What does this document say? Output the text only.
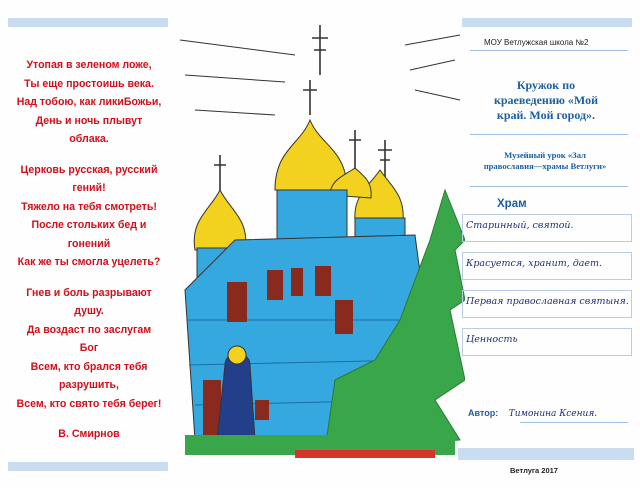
Утопая в зеленом ложе,
Ты еще простоишь века.
Над тобою, как ликиБожьи,
День и ночь плывут
облака.
Церковь русская, русский
гений!
Тяжело на тебя смотреть!
После стольких бед и
гонений
Как же ты смогла уцелеть?
Гнев и боль разрывают
душу.
Да воздаст по заслугам
Бог
Всем, кто брался тебя
разрушить,
Всем, кто свято тебя берег!
В. Смирнов
МОУ Ветлужская школа №2
Кружок по
краеведению «Мой
край. Мой город».
Музейный урок «Зал
православия—храмы Ветлуги»
Храм
Старинный, святой.
Красуется, хранит, дает.
Первая православная святыня.
Ценность
Автор: Тимонина Ксения.
Ветлуга 2017
